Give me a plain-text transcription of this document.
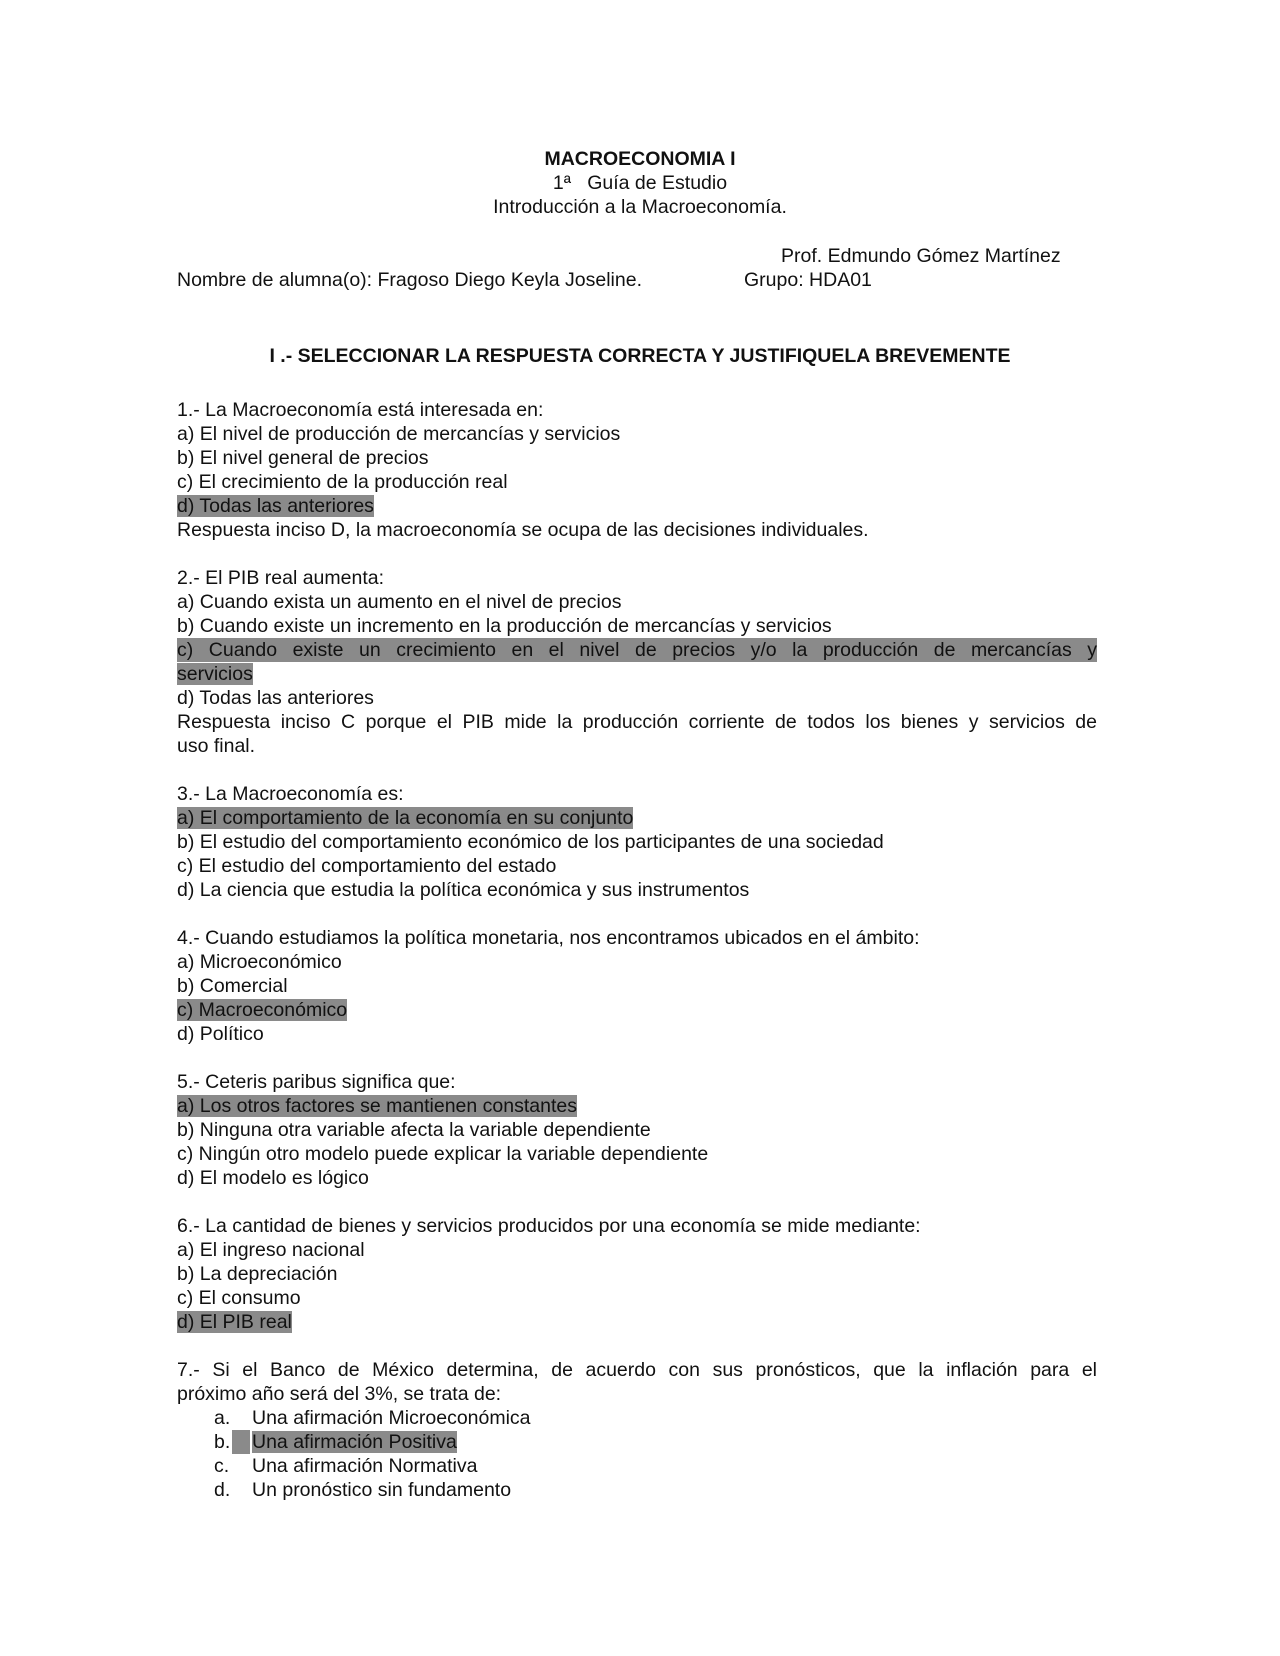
MACROECONOMIA I
1ª Guía de Estudio
Introducción a la Macroeconomía.
Prof. Edmundo Gómez Martínez
Nombre de alumna(o): Fragoso Diego Keyla Joseline.	Grupo: HDA01
I .- SELECCIONAR LA RESPUESTA CORRECTA Y JUSTIFIQUELA BREVEMENTE
1.- La Macroeconomía está interesada en:
a) El nivel de producción de mercancías y servicios
b) El nivel general de precios
c) El crecimiento de la producción real
d) Todas las anteriores
Respuesta inciso D, la macroeconomía se ocupa de las decisiones individuales.
2.- El PIB real aumenta:
a) Cuando exista un aumento en el nivel de precios
b) Cuando existe un incremento en la producción de mercancías y servicios
c) Cuando existe un crecimiento en el nivel de precios y/o la producción de mercancías y
servicios
d) Todas las anteriores
Respuesta inciso C porque el PIB mide la producción corriente de todos los bienes y servicios de
uso final.
3.- La Macroeconomía es:
a) El comportamiento de la economía en su conjunto
b) El estudio del comportamiento económico de los participantes de una sociedad
c) El estudio del comportamiento del estado
d) La ciencia que estudia la política económica y sus instrumentos
4.- Cuando estudiamos la política monetaria, nos encontramos ubicados en el ámbito:
a) Microeconómico
b) Comercial
c) Macroeconómico
d) Político
5.- Ceteris paribus significa que:
a) Los otros factores se mantienen constantes
b) Ninguna otra variable afecta la variable dependiente
c) Ningún otro modelo puede explicar la variable dependiente
d) El modelo es lógico
6.- La cantidad de bienes y servicios producidos por una economía se mide mediante:
a) El ingreso nacional
b) La depreciación
c) El consumo
d) El PIB real
7.- Si el Banco de México determina, de acuerdo con sus pronósticos, que la inflación para el
próximo año será del 3%, se trata de:
a. Una afirmación Microeconómica
b. Una afirmación Positiva
c. Una afirmación Normativa
d. Un pronóstico sin fundamento
